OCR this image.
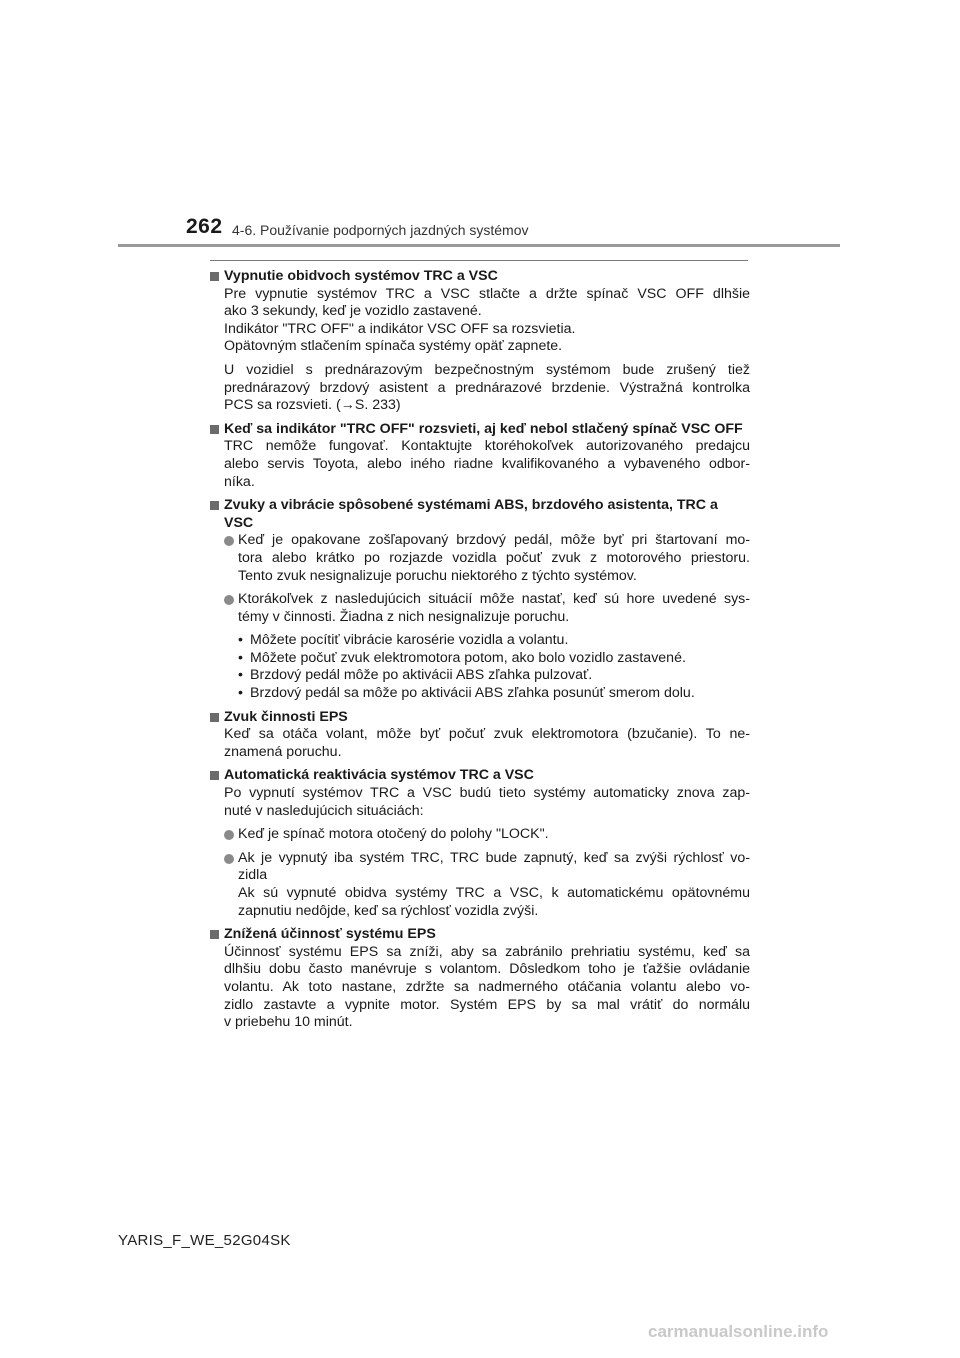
262 4-6. Používanie podporných jazdných systémov
Vypnutie obidvoch systémov TRC a VSC
Pre vypnutie systémov TRC a VSC stlačte a držte spínač VSC OFF dlhšie
ako 3 sekundy, keď je vozidlo zastavené.
Indikátor "TRC OFF" a indikátor VSC OFF sa rozsvietia.
Opätovným stlačením spínača systémy opäť zapnete.
U vozidiel s prednárazovým bezpečnostným systémom bude zrušený tiež
prednárazový brzdový asistent a prednárazové brzdenie. Výstražná kontrolka
PCS sa rozsvieti. (→S. 233)
Keď sa indikátor "TRC OFF" rozsvieti, aj keď nebol stlačený spínač VSC OFF
TRC nemôže fungovať. Kontaktujte ktoréhokoľvek autorizovaného predajcu
alebo servis Toyota, alebo iného riadne kvalifikovaného a vybaveného odbor-
níka.
Zvuky a vibrácie spôsobené systémami ABS, brzdového asistenta, TRC a VSC
Keď je opakovane zošľapovaný brzdový pedál, môže byť pri štartovaní mo-
tora alebo krátko po rozjazde vozidla počuť zvuk z motorového priestoru.
Tento zvuk nesignalizuje poruchu niektorého z týchto systémov.
Ktorákoľvek z nasledujúcich situácií môže nastať, keď sú hore uvedené sys-
témy v činnosti. Žiadna z nich nesignalizuje poruchu.
• Môžete pocítiť vibrácie karosérie vozidla a volantu.
• Môžete počuť zvuk elektromotora potom, ako bolo vozidlo zastavené.
• Brzdový pedál môže po aktivácii ABS zľahka pulzovať.
• Brzdový pedál sa môže po aktivácii ABS zľahka posunúť smerom dolu.
Zvuk činnosti EPS
Keď sa otáča volant, môže byť počuť zvuk elektromotora (bzučanie). To ne-
znamená poruchu.
Automatická reaktivácia systémov TRC a VSC
Po vypnutí systémov TRC a VSC budú tieto systémy automaticky znova zap-
nuté v nasledujúcich situáciách:
Keď je spínač motora otočený do polohy "LOCK".
Ak je vypnutý iba systém TRC, TRC bude zapnutý, keď sa zvýši rýchlosť vo-
zidla
Ak sú vypnuté obidva systémy TRC a VSC, k automatickému opätovnému
zapnutiu nedôjde, keď sa rýchlosť vozidla zvýši.
Znížená účinnosť systému EPS
Účinnosť systému EPS sa zníži, aby sa zabránilo prehriatiu systému, keď sa
dlhšiu dobu často manévruje s volantom. Dôsledkom toho je ťažšie ovládanie
volantu. Ak toto nastane, zdržte sa nadmerného otáčania volantu alebo vo-
zidlo zastavte a vypnite motor. Systém EPS by sa mal vrátiť do normálu
v priebehu 10 minút.
YARIS_F_WE_52G04SK
carmanualsonline.info
